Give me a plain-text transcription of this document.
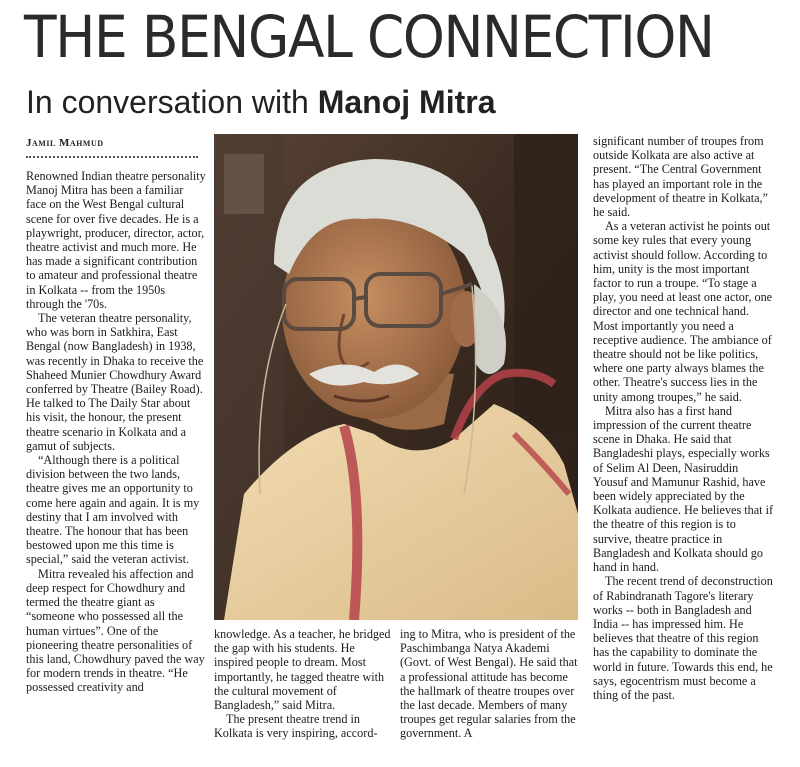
THE BENGAL CONNECTION
In conversation with Manoj Mitra
Jamil Mahmud

Renowned Indian theatre personality Manoj Mitra has been a familiar face on the West Bengal cultural scene for over five decades. He is a playwright, producer, director, actor, theatre activist and much more. He has made a significant contribution to amateur and professional theatre in Kolkata -- from the 1950s through the '70s.

The veteran theatre personality, who was born in Satkhira, East Bengal (now Bangladesh) in 1938, was recently in Dhaka to receive the Shaheed Munier Chowdhury Award conferred by Theatre (Bailey Road). He talked to The Daily Star about his visit, the honour, the present theatre scenario in Kolkata and a gamut of subjects.

“Although there is a political division between the two lands, theatre gives me an opportunity to come here again and again. It is my destiny that I am involved with theatre. The honour that has been bestowed upon me this time is special,” said the veteran activist.

Mitra revealed his affection and deep respect for Chowdhury and termed the theatre giant as “someone who possessed all the human virtues”. One of the pioneering theatre personalities of this land, Chowdhury paved the way for modern trends in theatre. “He possessed creativity and

knowledge. As a teacher, he bridged the gap with his students. He inspired people to dream. Most importantly, he tagged theatre with the cultural movement of Bangladesh,” said Mitra.

The present theatre trend in Kolkata is very inspiring, accord-

ing to Mitra, who is president of the Paschimbanga Natya Akademi (Govt. of West Bengal). He said that a professional attitude has become the hallmark of theatre troupes over the last decade. Members of many troupes get regular salaries from the government. A

significant number of troupes from outside Kolkata are also active at present. “The Central Government has played an important role in the development of theatre in Kolkata,” he said.

As a veteran activist he points out some key rules that every young activist should follow. According to him, unity is the most important factor to run a troupe. “To stage a play, you need at least one actor, one director and one technical hand. Most importantly you need a receptive audience. The ambiance of theatre should not be like politics, where one party always blames the other. Theatre's success lies in the unity among troupes,” he said.

Mitra also has a first hand impression of the current theatre scene in Dhaka. He said that Bangladeshi plays, especially works of Selim Al Deen, Nasiruddin Yousuf and Mamunur Rashid, have been widely appreciated by the Kolkata audience. He believes that if the theatre of this region is to survive, theatre practice in Bangladesh and Kolkata should go hand in hand.

The recent trend of deconstruction of Rabindranath Tagore's literary works -- both in Bangladesh and India -- has impressed him. He believes that theatre of this region has the capability to dominate the world in future. Towards this end, he says, egocentrism must become a thing of the past.
